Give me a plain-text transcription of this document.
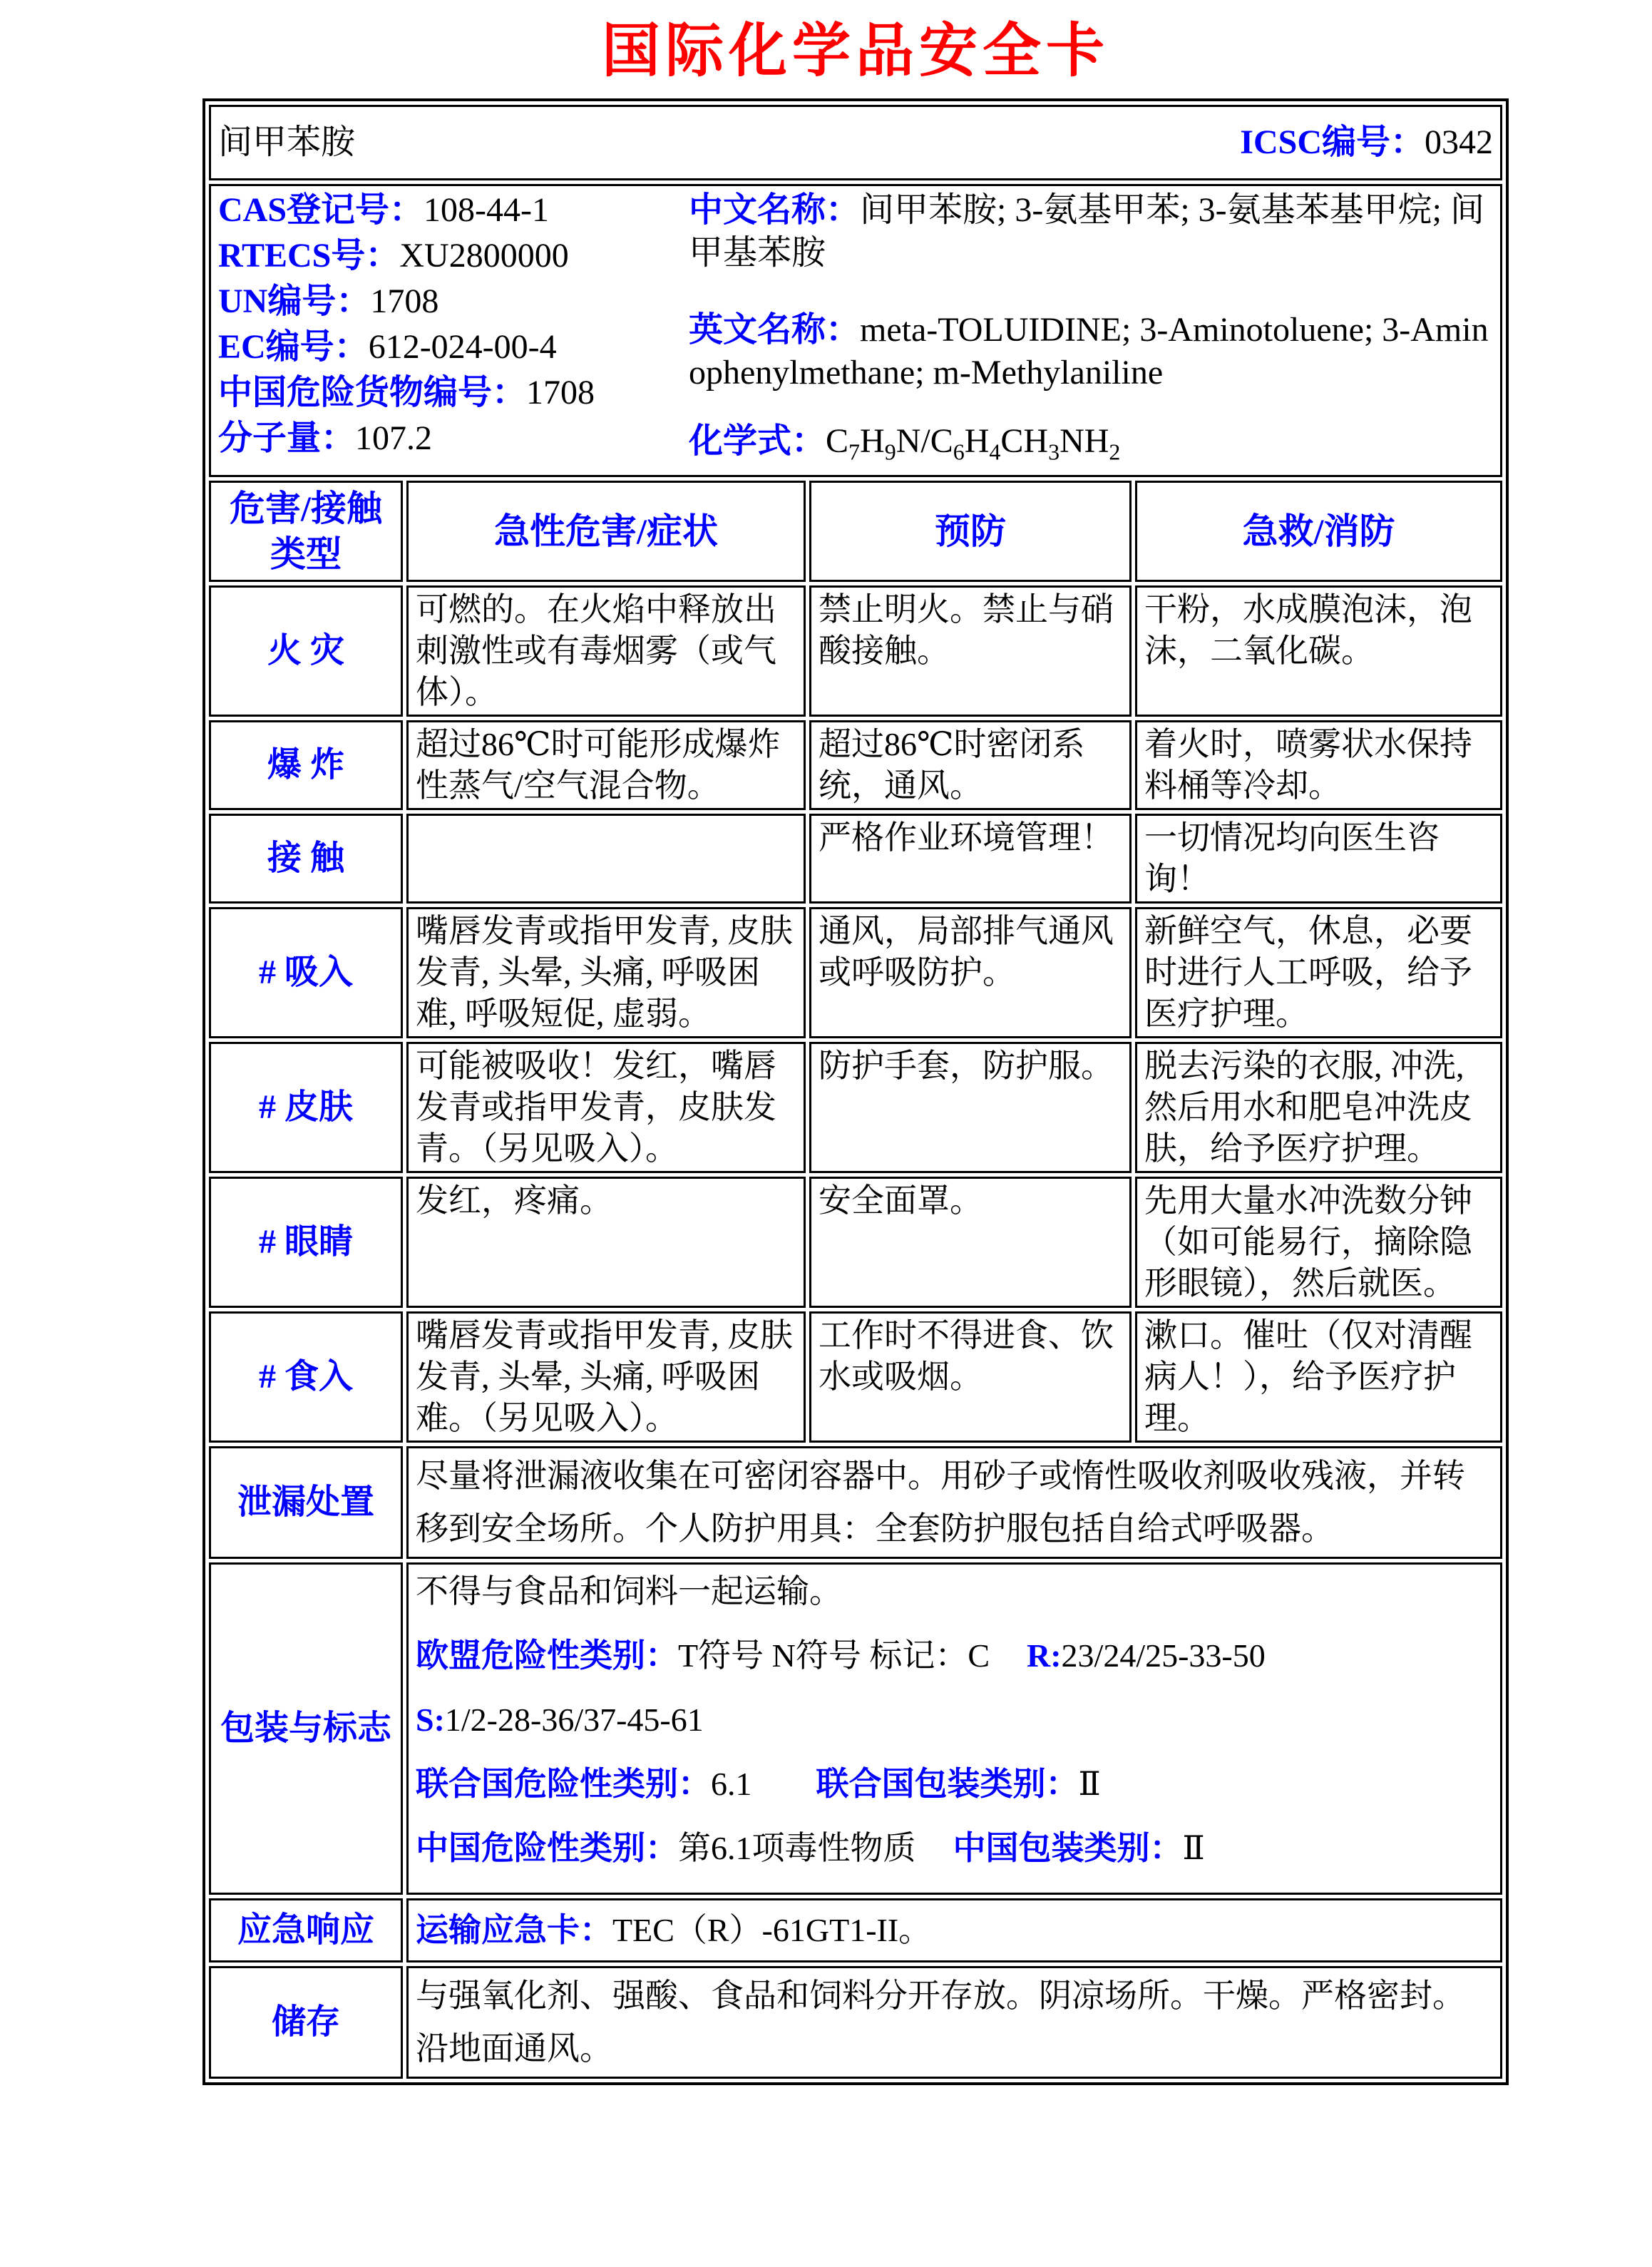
国际化学品安全卡
间甲苯胺 ICSC编号：0342			

CAS登记号：108-44-1
RTECS号：XU2800000
UN编号：1708
EC编号：612-024-00-4
中国危险货物编号：1708
分子量：107.2
中文名称：间甲苯胺; 3-氨基甲苯; 3-氨基苯基甲烷; 间甲基苯胺
英文名称：meta-TOLUIDINE; 3-Aminotoluene; 3-Aminophenylmethane; m-Methylaniline
化学式：$C_7H_9N/C_6H_4CH_3NH_2$

危害/接触类型	急性危害/症状	预防	急救/消防
火 灾	可燃的。在火焰中释放出刺激性或有毒烟雾（或气体）。	禁止明火。禁止与硝酸接触。	干粉，水成膜泡沫，泡沫，二氧化碳。
爆 炸	超过86℃时可能形成爆炸性蒸气/空气混合物。	超过86℃时密闭系统，通风。	着火时，喷雾状水保持料桶等冷却。
接 触		严格作业环境管理！	一切情况均向医生咨询！
# 吸入	嘴唇发青或指甲发青, 皮肤发青, 头晕, 头痛, 呼吸困难, 呼吸短促, 虚弱。	通风，局部排气通风或呼吸防护。	新鲜空气，休息，必要时进行人工呼吸，给予医疗护理。
# 皮肤	可能被吸收！发红，嘴唇发青或指甲发青，皮肤发青。（另见吸入）。	防护手套，防护服。	脱去污染的衣服, 冲洗, 然后用水和肥皂冲洗皮肤，给予医疗护理。
# 眼睛	发红，疼痛。	安全面罩。	先用大量水冲洗数分钟（如可能易行，摘除隐形眼镜），然后就医。
# 食入	嘴唇发青或指甲发青, 皮肤发青, 头晕, 头痛, 呼吸困难。（另见吸入）。	工作时不得进食、饮水或吸烟。	漱口。催吐（仅对清醒病人！），给予医疗护理。
泄漏处置	尽量将泄漏液收集在可密闭容器中。用砂子或惰性吸收剂吸收残液，并转移到安全场所。个人防护用具：全套防护服包括自给式呼吸器。		
包装与标志	不得与食品和饲料一起运输。
欧盟危险性类别：T符号 N符号 标记：C R:23/24/25-33-50
S:1/2-28-36/37-45-61
联合国危险性类别：6.1 联合国包装类别：Ⅱ
中国危险性类别：第6.1项毒性物质 中国包装类别：Ⅱ		

应急响应	运输应急卡：TEC（R）-61GT1-II。		
储存	与强氧化剂、强酸、食品和饲料分开存放。阴凉场所。干燥。严格密封。沿地面通风。		
